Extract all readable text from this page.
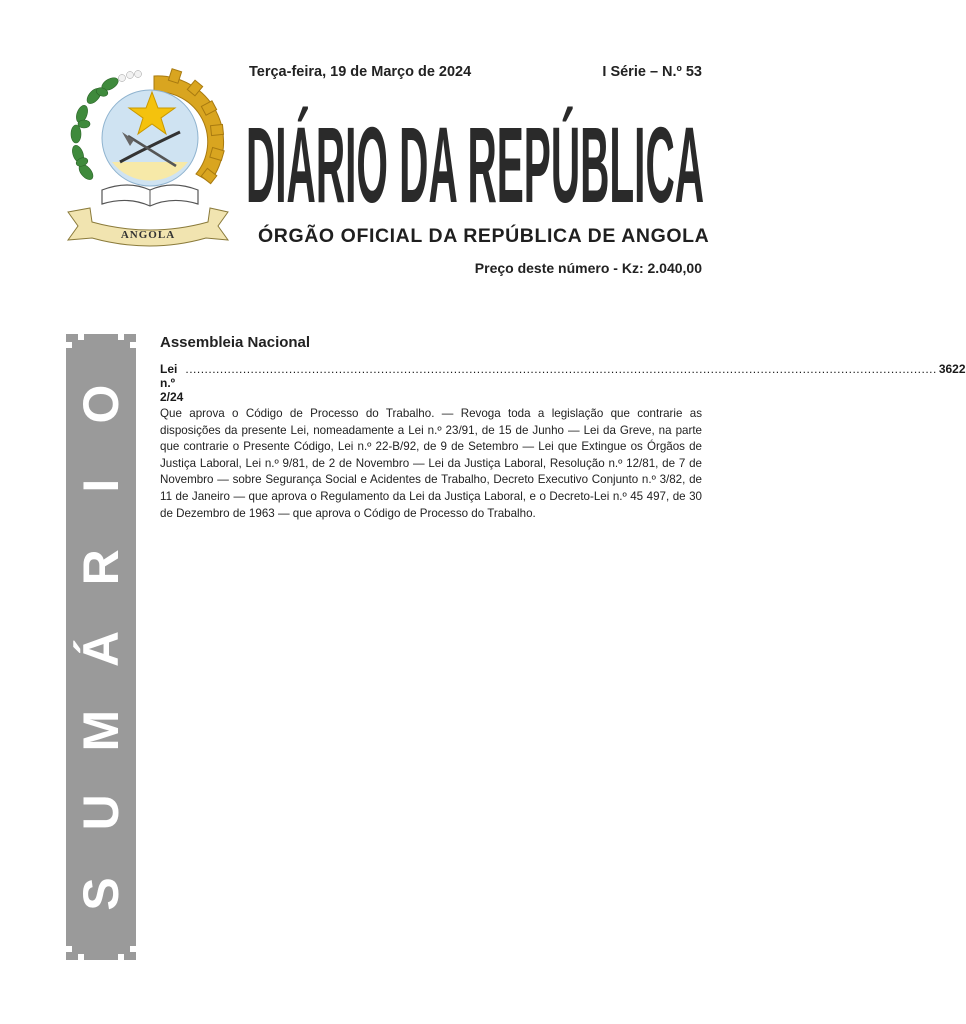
ANGOLA
Terça-feira, 19 de Março de 2024	I Série – N.º 53
DIÁRIO DA REPÚBLICA
ÓRGÃO OFICIAL DA REPÚBLICA DE ANGOLA
Preço deste número - Kz: 2.040,00
S
U
M
Á
R
I
O
Assembleia Nacional
Lei n.º 2/24
.................................................................................................................................................................................................... 3622
Que aprova o Código de Processo do Trabalho. — Revoga toda a legislação que contrarie as disposições da presente Lei, nomeadamente a Lei n.º 23/91, de 15 de Junho — Lei da Greve, na parte que contrarie o Presente Código, Lei n.º 22-B/92, de 9 de Setembro — Lei que Extingue os Órgãos de Justiça Laboral, Lei n.º 9/81, de 2 de Novembro — Lei da Justiça Laboral, Resolução n.º 12/81, de 7 de Novembro — sobre Segurança Social e Acidentes de Trabalho, Decreto Executivo Conjunto n.º 3/82, de 11 de Janeiro — que aprova o Regulamento da Lei da Justiça Laboral, e o Decreto-Lei n.º 45 497, de 30 de Dezembro de 1963 — que aprova o Código de Processo do Trabalho.
